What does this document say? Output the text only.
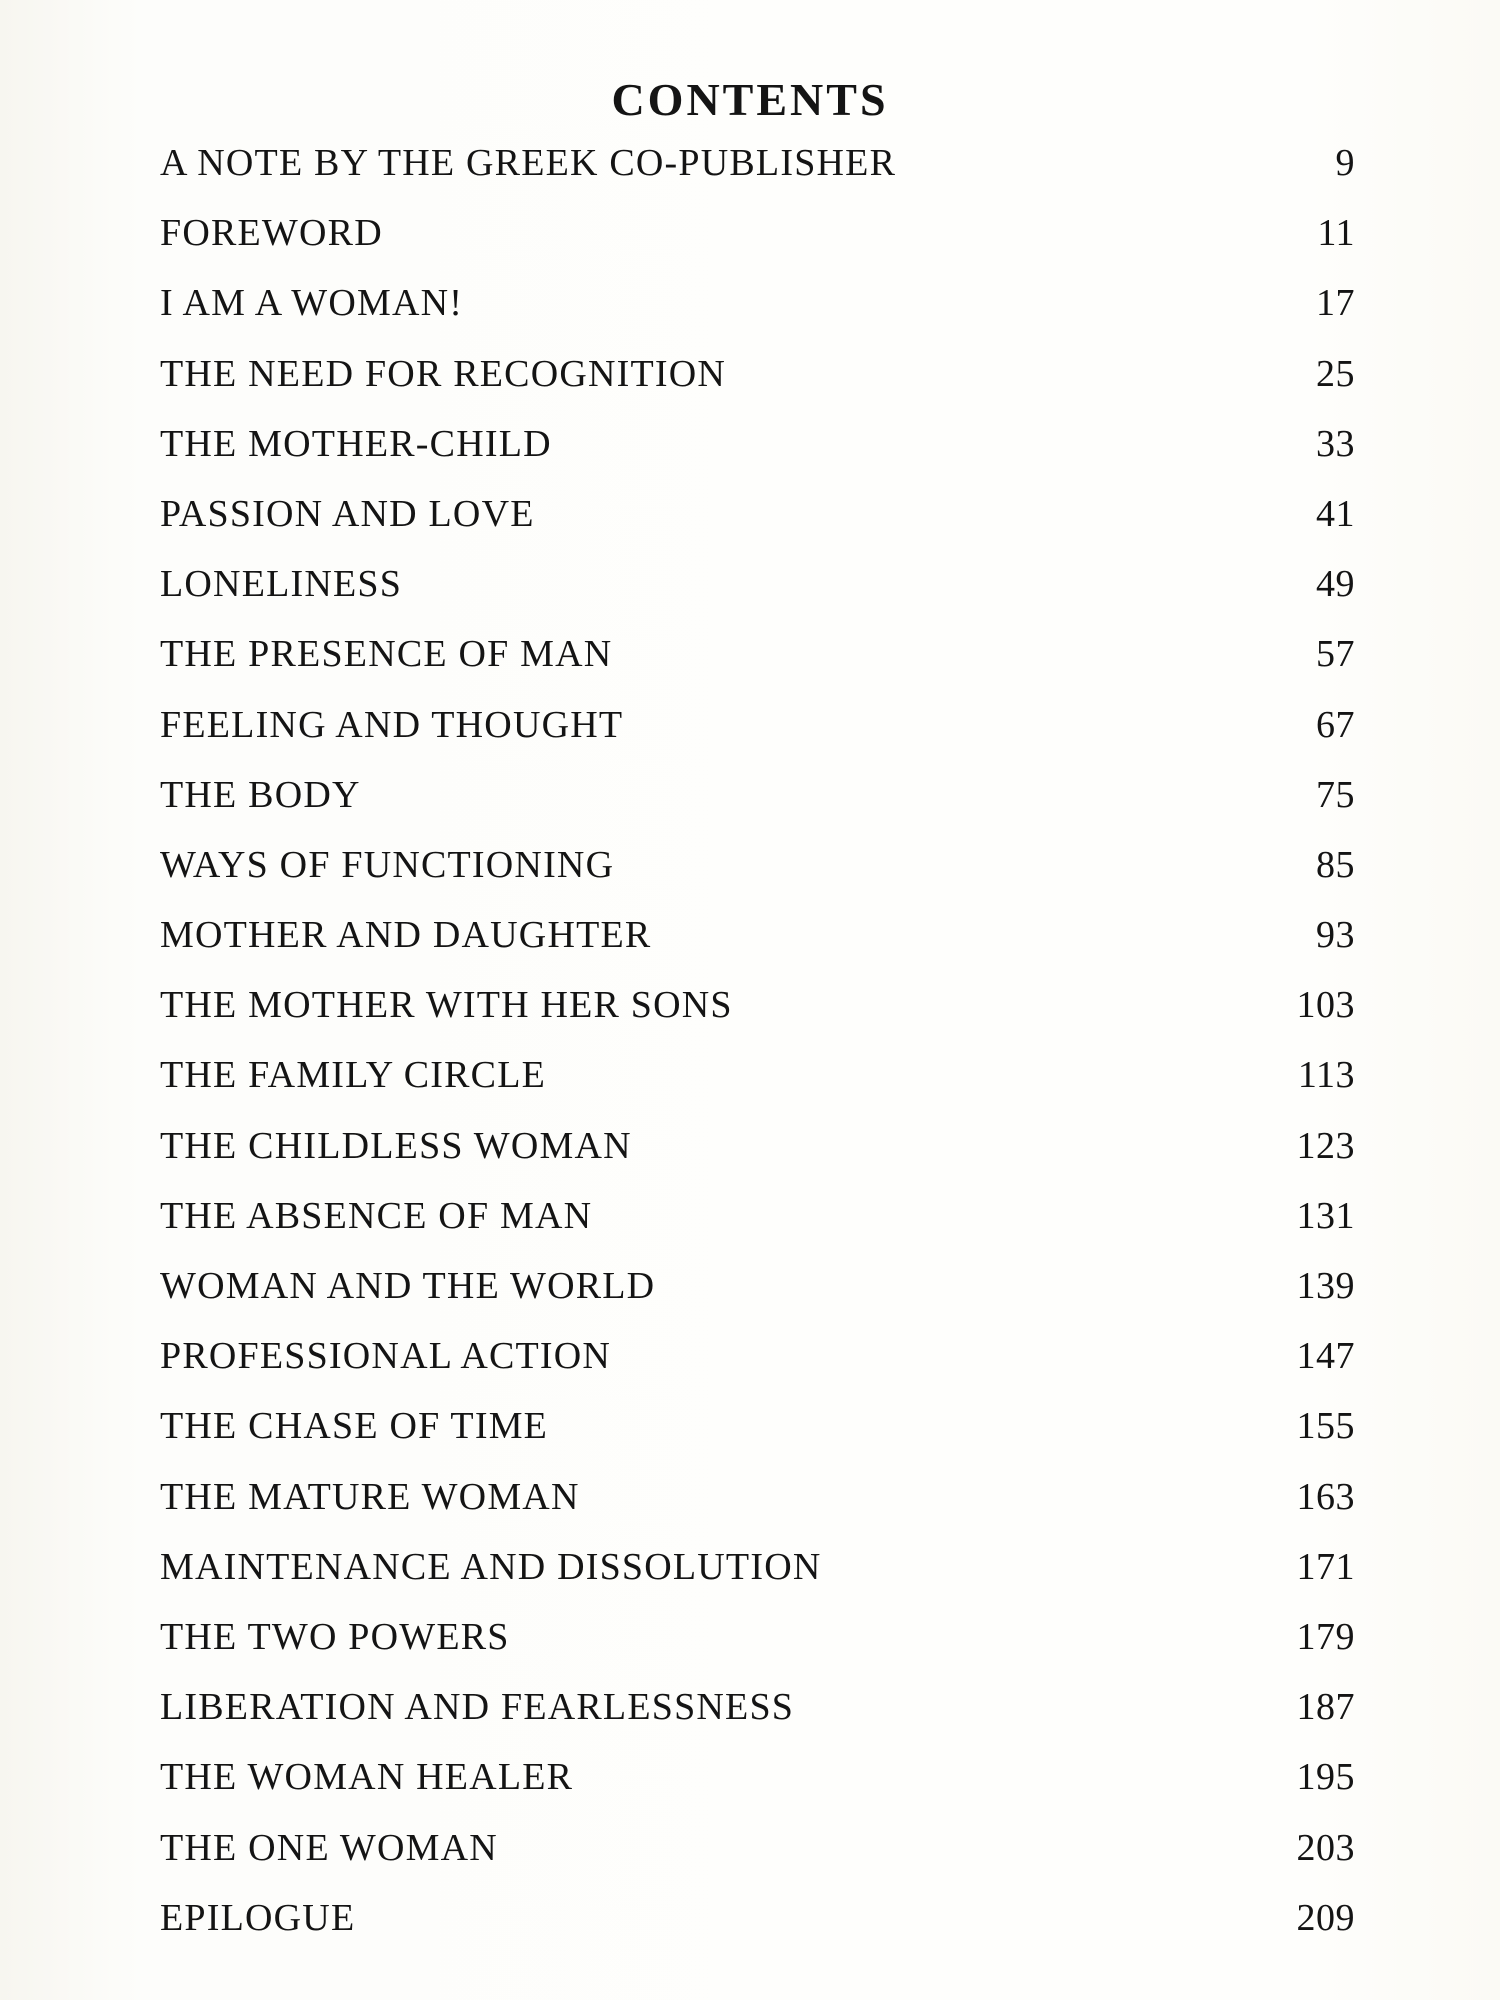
CONTENTS
A NOTE BY THE GREEK CO-PUBLISHER	9
FOREWORD	11
I AM A WOMAN!	17
THE NEED FOR RECOGNITION	25
THE MOTHER-CHILD	33
PASSION AND LOVE	41
LONELINESS	49
THE PRESENCE OF MAN	57
FEELING AND THOUGHT	67
THE BODY	75
WAYS OF FUNCTIONING	85
MOTHER AND DAUGHTER	93
THE MOTHER WITH HER SONS	103
THE FAMILY CIRCLE	113
THE CHILDLESS WOMAN	123
THE ABSENCE OF MAN	131
WOMAN AND THE WORLD	139
PROFESSIONAL ACTION	147
THE CHASE OF TIME	155
THE MATURE WOMAN	163
MAINTENANCE AND DISSOLUTION	171
THE TWO POWERS	179
LIBERATION AND FEARLESSNESS	187
THE WOMAN HEALER	195
THE ONE WOMAN	203
EPILOGUE	209
